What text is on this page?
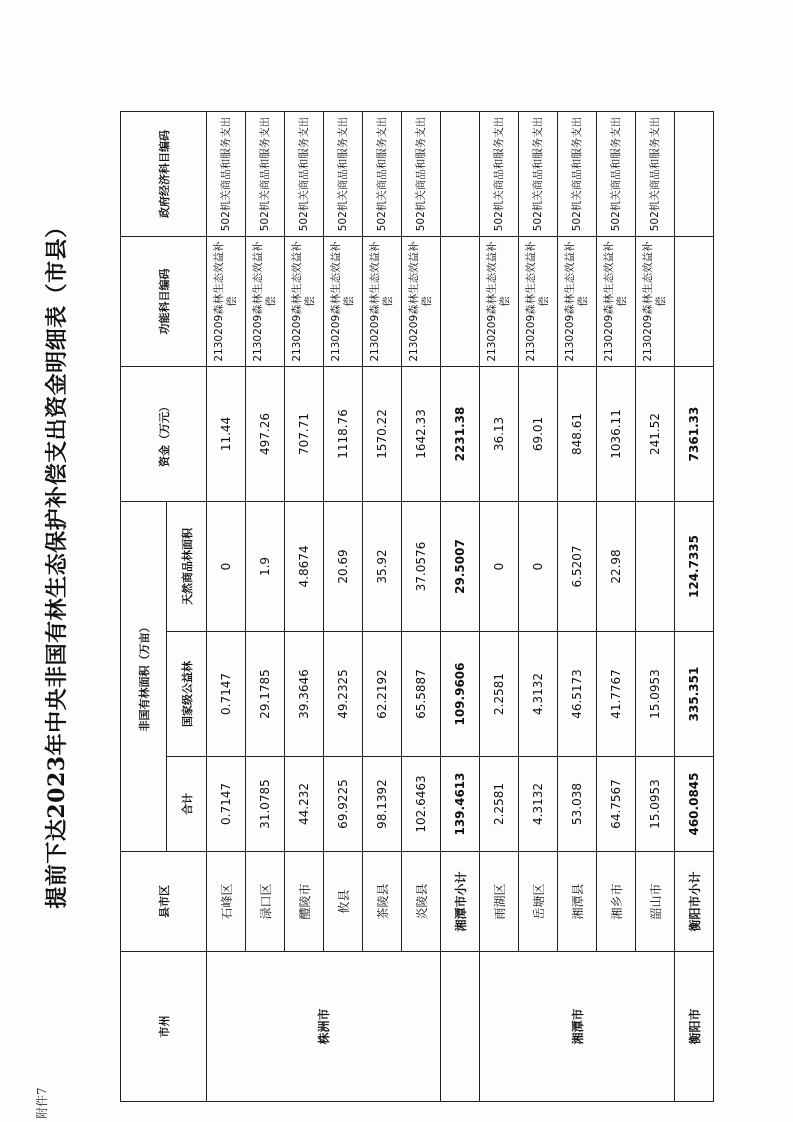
附件7
提前下达2023年中央非国有林生态保护补偿支出资金明细表（市县）
市州	县市区	非国有林面积（万亩）			资金（万元）	功能科目编码	政府经济科目编码
		合计	国家级公益林	天然商品林面积			
株洲市	石峰区	0.7147	0.7147	0	11.44	2130209森林生态效益补偿	502机关商品和服务支出
	渌口区	31.0785	29.1785	1.9	497.26	2130209森林生态效益补偿	502机关商品和服务支出
	醴陵市	44.232	39.3646	4.8674	707.71	2130209森林生态效益补偿	502机关商品和服务支出
	攸县	69.9225	49.2325	20.69	1118.76	2130209森林生态效益补偿	502机关商品和服务支出
	茶陵县	98.1392	62.2192	35.92	1570.22	2130209森林生态效益补偿	502机关商品和服务支出
	炎陵县	102.6463	65.5887	37.0576	1642.33	2130209森林生态效益补偿	502机关商品和服务支出
	湘潭市小计	139.4613	109.9606	29.5007	2231.38		
湘潭市	雨湖区	2.2581	2.2581	0	36.13	2130209森林生态效益补偿	502机关商品和服务支出
	岳塘区	4.3132	4.3132	0	69.01	2130209森林生态效益补偿	502机关商品和服务支出
	湘潭县	53.038	46.5173	6.5207	848.61	2130209森林生态效益补偿	502机关商品和服务支出
	湘乡市	64.7567	41.7767	22.98	1036.11	2130209森林生态效益补偿	502机关商品和服务支出
	韶山市	15.0953	15.0953		241.52	2130209森林生态效益补偿	502机关商品和服务支出
衡阳市	衡阳市小计	460.0845	335.351	124.7335	7361.33		
